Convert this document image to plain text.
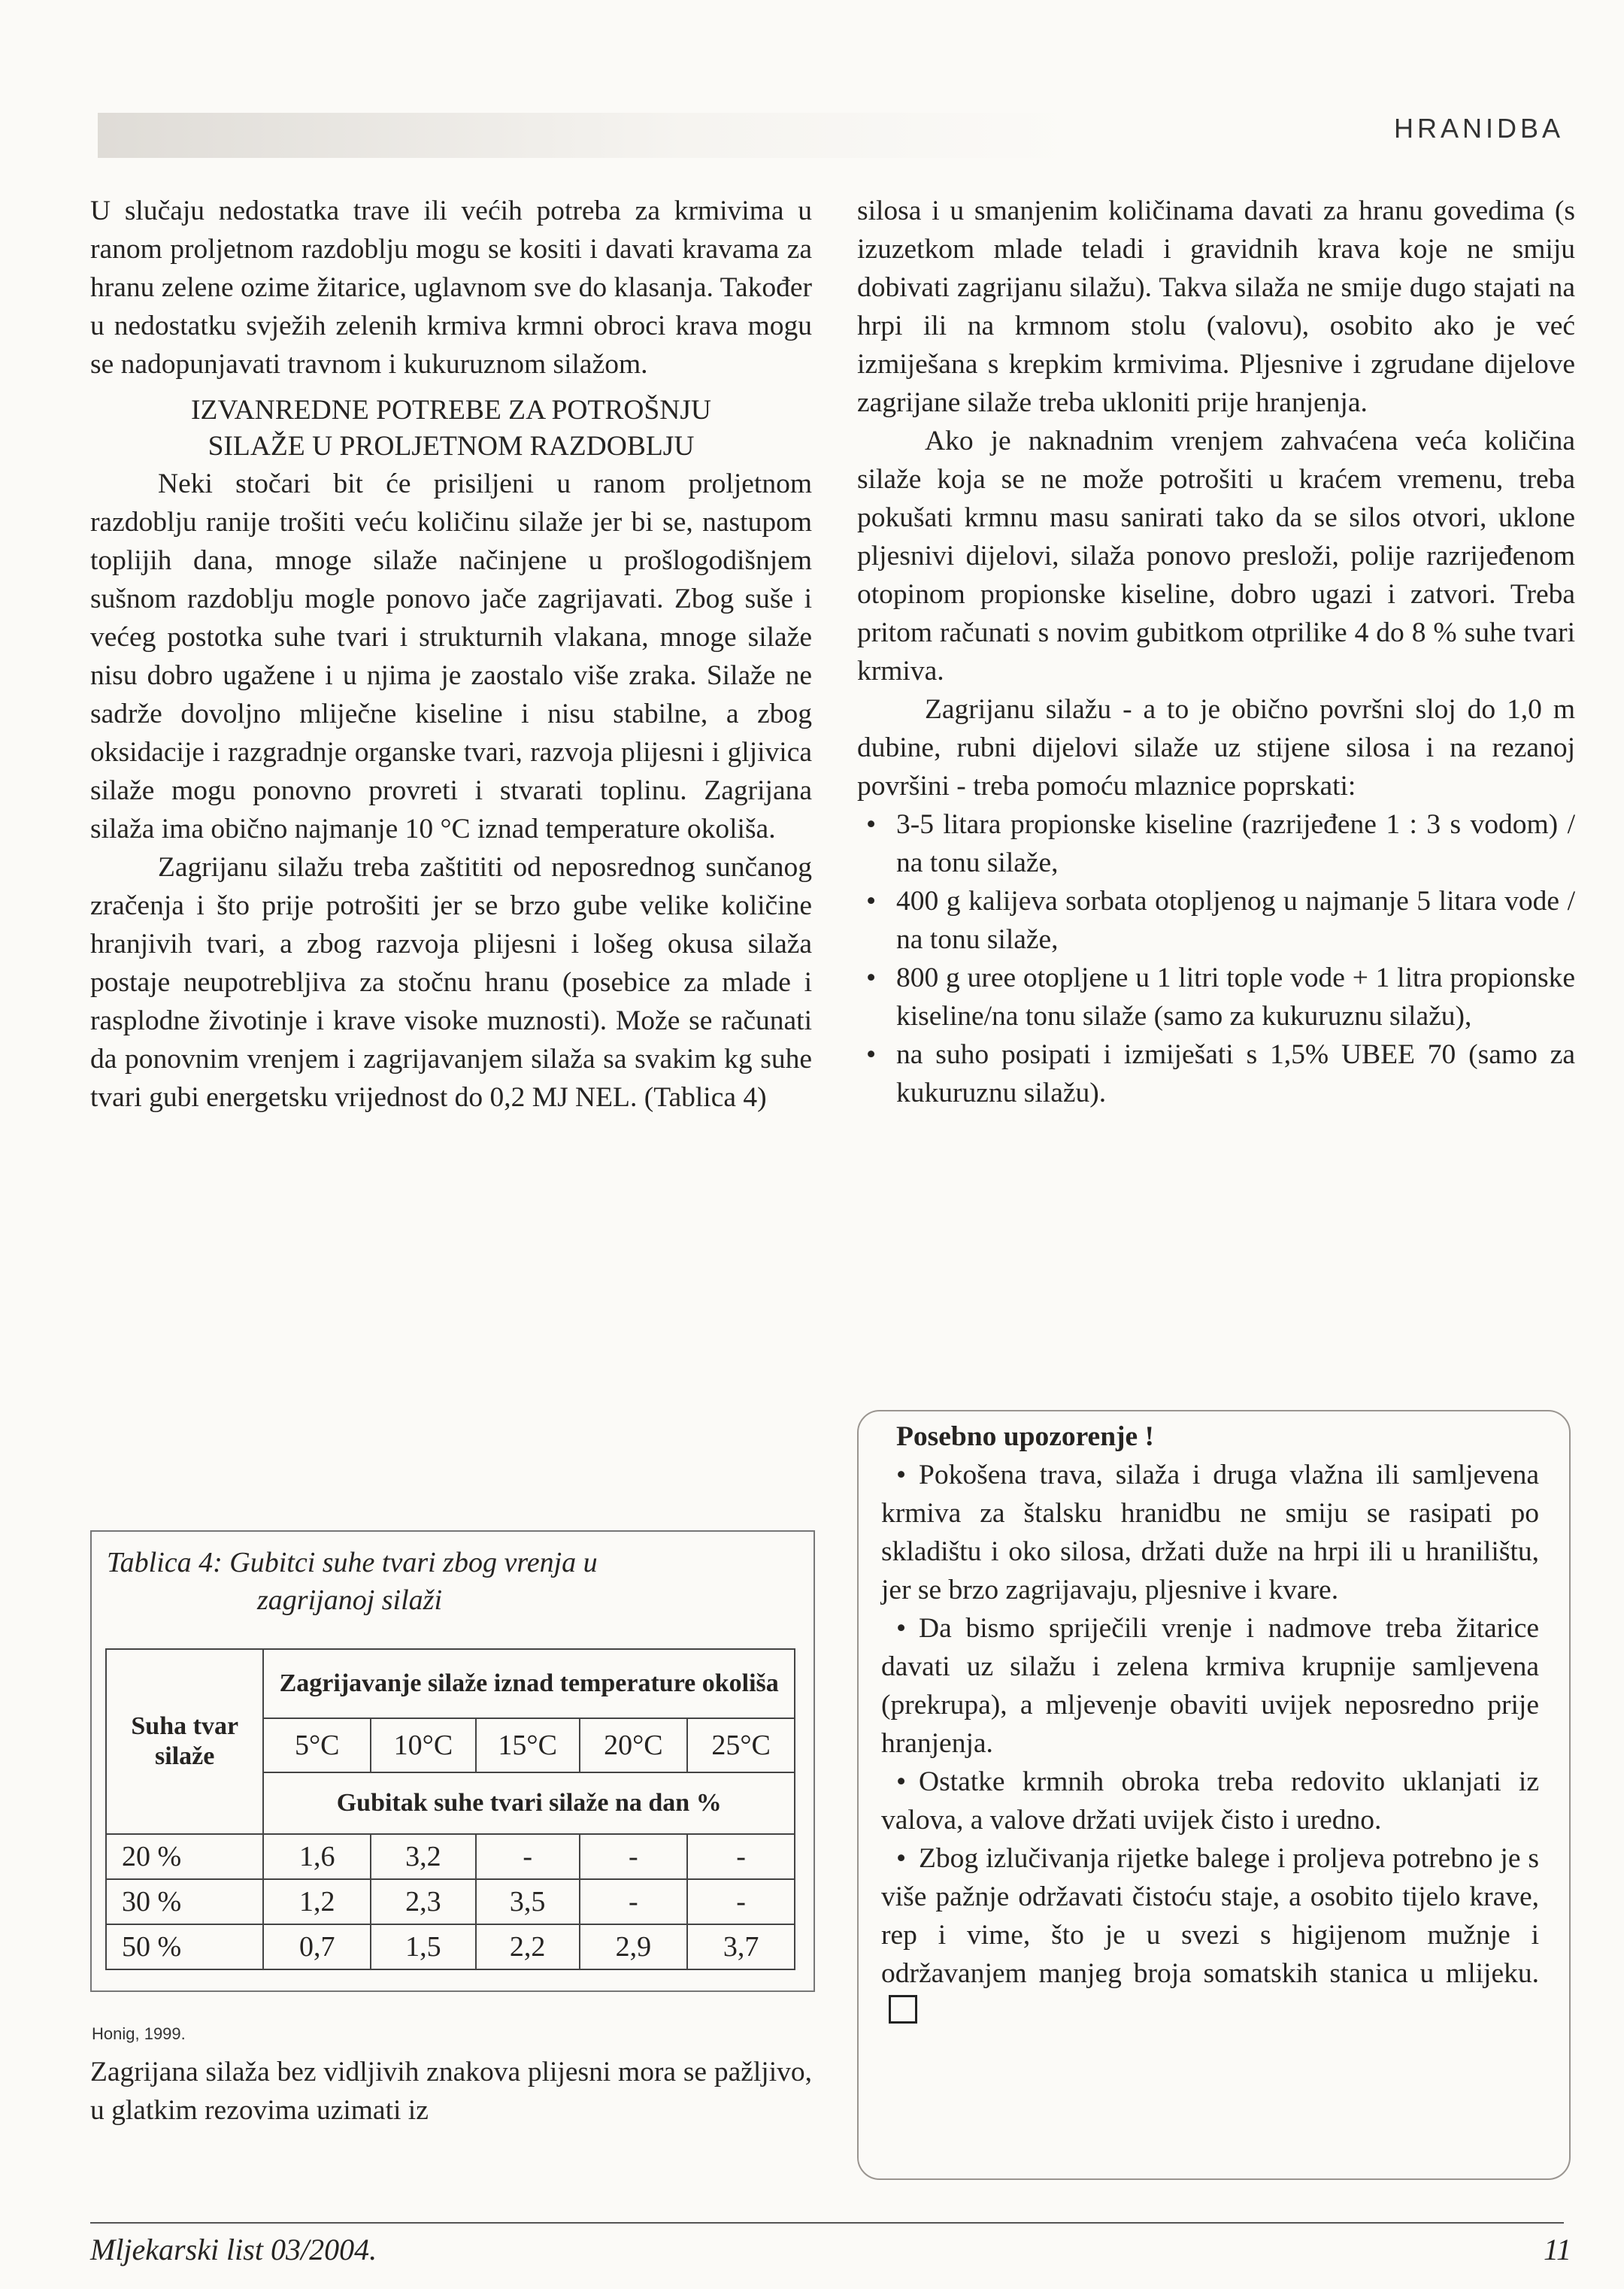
HRANIDBA

U slučaju nedostatka trave ili većih potreba za krmivima u ranom proljetnom razdoblju mogu se kositi i davati kravama za hranu zelene ozime žitarice, uglavnom sve do klasanja. Također u nedostatku svježih zelenih krmiva krmni obroci krava mogu se nadopunjavati travnom i kukuruznom silažom.

IZVANREDNE POTREBE ZA POTROŠNJU
SILAŽE U PROLJETNOM RAZDOBLJU

Neki stočari bit će prisiljeni u ranom proljetnom razdoblju ranije trošiti veću količinu silaže jer bi se, nastupom toplijih dana, mnoge silaže načinjene u prošlogodišnjem sušnom razdoblju mogle ponovo jače zagrijavati. Zbog suše i većeg postotka suhe tvari i strukturnih vlakana, mnoge silaže nisu dobro ugažene i u njima je zaostalo više zraka. Silaže ne sadrže dovoljno mliječne kiseline i nisu stabilne, a zbog oksidacije i razgradnje organske tvari, razvoja plijesni i gljivica silaže mogu ponovno provreti i stvarati toplinu. Zagrijana silaža ima obično najmanje 10 °C iznad temperature okoliša.

Zagrijanu silažu treba zaštititi od neposrednog sunčanog zračenja i što prije potrošiti jer se brzo gube velike količine hranjivih tvari, a zbog razvoja plijesni i lošeg okusa silaža postaje neupotrebljiva za stočnu hranu (posebice za mlade i rasplodne životinje i krave visoke muznosti). Može se računati da ponovnim vrenjem i zagrijavanjem silaža sa svakim kg suhe tvari gubi energetsku vrijednost do 0,2 MJ NEL. (Tablica 4)

Tablica 4: Gubitci suhe tvari zbog vrenja u
zagrijanoj silaži
Suha tvar silaže	Zagrijavanje silaže iznad temperature okoliša				
	5°C	10°C	15°C	20°C	25°C
	Gubitak suhe tvari silaže na dan %				
20 %	1,6	3,2	-	-	-
30 %	1,2	2,3	3,5	-	-
50 %	0,7	1,5	2,2	2,9	3,7
Honig, 1999.

Zagrijana silaža bez vidljivih znakova plijesni mora se pažljivo, u glatkim rezovima uzimati iz

silosa i u smanjenim količinama davati za hranu govedima (s izuzetkom mlade teladi i gravidnih krava koje ne smiju dobivati zagrijanu silažu). Takva silaža ne smije dugo stajati na hrpi ili na krmnom stolu (valovu), osobito ako je već izmiješana s krepkim krmivima. Pljesnive i zgrudane dijelove zagrijane silaže treba ukloniti prije hranjenja.

Ako je naknadnim vrenjem zahvaćena veća količina silaže koja se ne može potrošiti u kraćem vremenu, treba pokušati krmnu masu sanirati tako da se silos otvori, uklone pljesnivi dijelovi, silaža ponovo presloži, polije razrijeđenom otopinom propionske kiseline, dobro ugazi i zatvori. Treba pritom računati s novim gubitkom otprilike 4 do 8 % suhe tvari krmiva.

Zagrijanu silažu - a to je obično površni sloj do 1,0 m dubine, rubni dijelovi silaže uz stijene silosa i na rezanoj površini - treba pomoću mlaznice poprskati:

• 3-5 litara propionske kiseline (razrijeđene 1 : 3 s vodom) / na tonu silaže,
• 400 g kalijeva sorbata otopljenog u najmanje 5 litara vode / na tonu silaže,
• 800 g uree otopljene u 1 litri tople vode + 1 litra propionske kiseline/na tonu silaže (samo za kukuruznu silažu),
• na suho posipati i izmiješati s 1,5% UBEE 70 (samo za kukuruznu silažu).
Posebno upozorenje !

• Pokošena trava, silaža i druga vlažna ili samljevena krmiva za štalsku hranidbu ne smiju se rasipati po skladištu i oko silosa, držati duže na hrpi ili u hranilištu, jer se brzo zagrijavaju, pljesnive i kvare.

• Da bismo spriječili vrenje i nadmove treba žitarice davati uz silažu i zelena krmiva krupnije samljevena (prekrupa), a mljevenje obaviti uvijek neposredno prije hranjenja.

• Ostatke krmnih obroka treba redovito uklanjati iz valova, a valove držati uvijek čisto i uredno.

• Zbog izlučivanja rijetke balege i proljeva potrebno je s više pažnje održavati čistoću staje, a osobito tijelo krave, rep i vime, što je u svezi s higijenom mužnje i održavanjem manjeg broja somatskih stanica u mlijeku.

Mljekarski list 03/2004.	11
